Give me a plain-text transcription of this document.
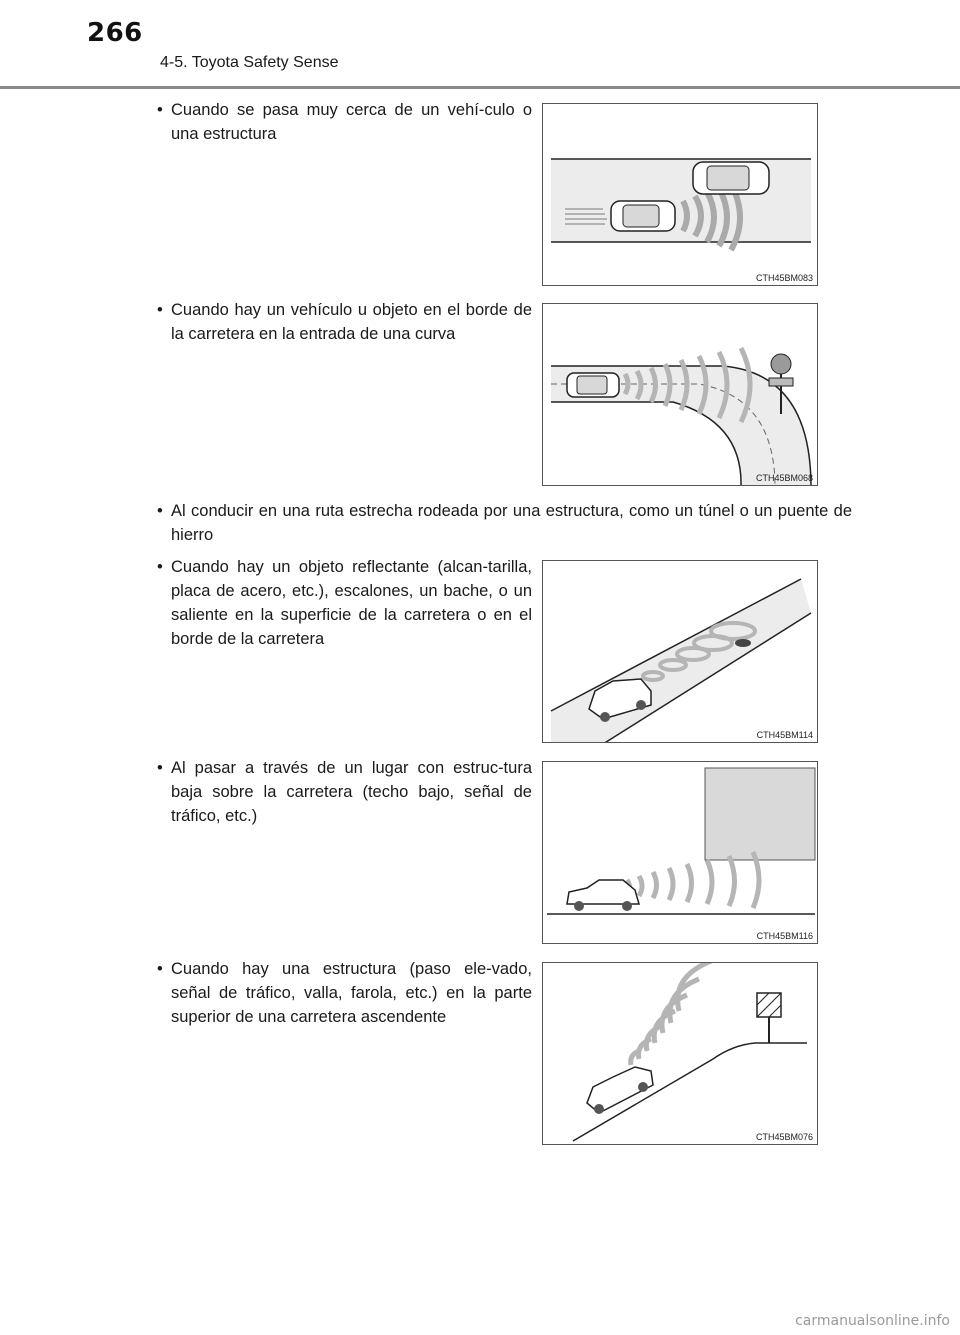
266
4-5. Toyota Safety Sense

• Cuando se pasa muy cerca de un vehí-culo o una estructura

CTH45BM083

• Cuando hay un vehículo u objeto en el borde de la carretera en la entrada de una curva

CTH45BM068

• Al conducir en una ruta estrecha rodeada por una estructura, como un túnel o un puente de hierro

• Cuando hay un objeto reflectante (alcan-tarilla, placa de acero, etc.), escalones, un bache, o un saliente en la superficie de la carretera o en el borde de la carretera

CTH45BM114

• Al pasar a través de un lugar con estruc-tura baja sobre la carretera (techo bajo, señal de tráfico, etc.)

CTH45BM116

• Cuando hay una estructura (paso ele-vado, señal de tráfico, valla, farola, etc.) en la parte superior de una carretera ascendente

CTH45BM076
carmanualsonline.info
